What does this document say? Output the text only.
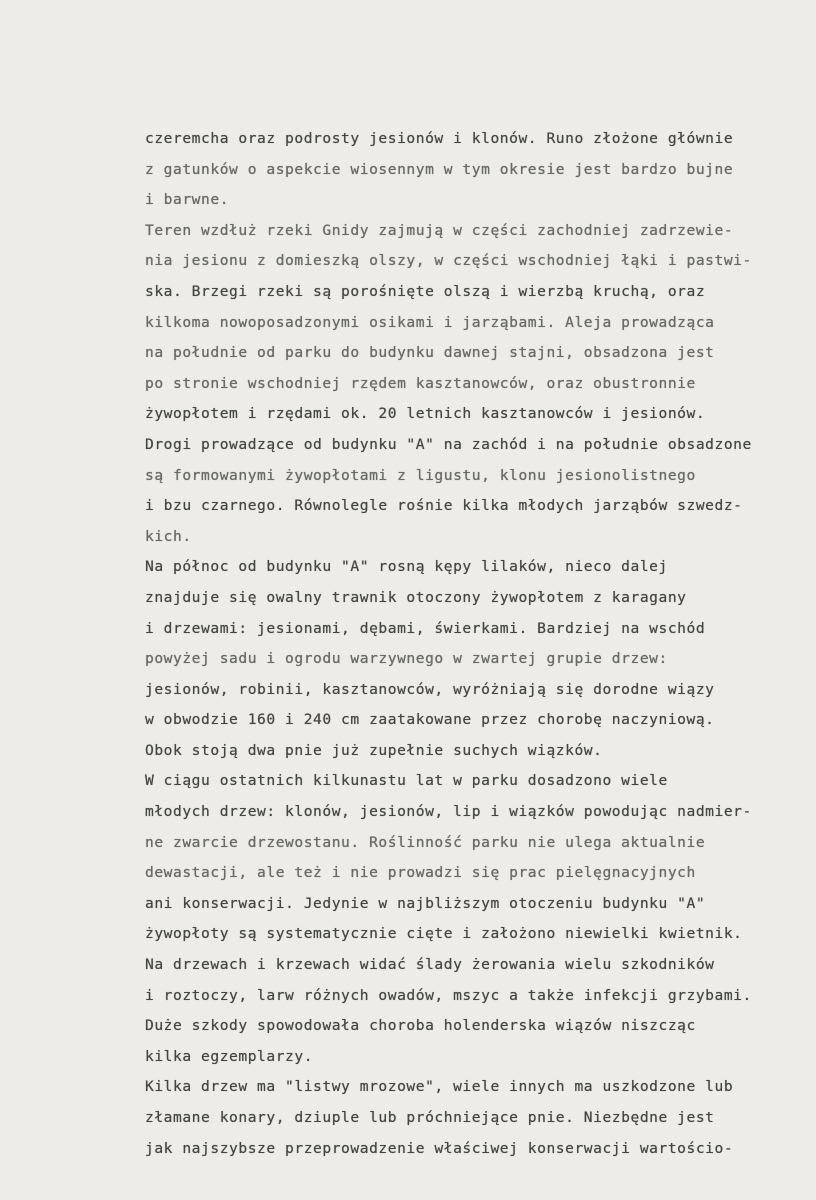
czeremcha oraz podrosty jesionów i klonów. Runo złożone głównie
z gatunków o aspekcie wiosennym w tym okresie jest bardzo bujne
i barwne.
Teren wzdłuż rzeki Gnidy zajmują w części zachodniej zadrzewie-
nia jesionu z domieszką olszy, w części wschodniej łąki i pastwi-
ska. Brzegi rzeki są porośnięte olszą i wierzbą kruchą, oraz
kilkoma nowoposadzonymi osikami i jarząbami. Aleja prowadząca
na południe od parku do budynku dawnej stajni, obsadzona jest
po stronie wschodniej rzędem kasztanowców, oraz obustronnie
żywopłotem i rzędami ok. 20 letnich kasztanowców i jesionów.
Drogi prowadzące od budynku "A" na zachód i na południe obsadzone
są formowanymi żywopłotami z ligustu, klonu jesionolistnego
i bzu czarnego. Równolegle rośnie kilka młodych jarząbów szwedz-
kich.
Na północ od budynku "A" rosną kępy lilaków, nieco dalej
znajduje się owalny trawnik otoczony żywopłotem z karagany
i drzewami: jesionami, dębami, świerkami. Bardziej na wschód
powyżej sadu i ogrodu warzywnego w zwartej grupie drzew:
jesionów, robinii, kasztanowców, wyróżniają się dorodne wiązy
w obwodzie 160 i 240 cm zaatakowane przez chorobę naczyniową.
Obok stoją dwa pnie już zupełnie suchych wiązków.
W ciągu ostatnich kilkunastu lat w parku dosadzono wiele
młodych drzew: klonów, jesionów, lip i wiązków powodując nadmier-
ne zwarcie drzewostanu. Roślinność parku nie ulega aktualnie
dewastacji, ale też i nie prowadzi się prac pielęgnacyjnych
ani konserwacji. Jedynie w najbliższym otoczeniu budynku "A"
żywopłoty są systematycznie cięte i założono niewielki kwietnik.
Na drzewach i krzewach widać ślady żerowania wielu szkodników
i roztoczy, larw różnych owadów, mszyc a także infekcji grzybami.
Duże szkody spowodowała choroba holenderska wiązów niszcząc
kilka egzemplarzy.
Kilka drzew ma "listwy mrozowe", wiele innych ma uszkodzone lub
złamane konary, dziuple lub próchniejące pnie. Niezbędne jest
jak najszybsze przeprowadzenie właściwej konserwacji wartościo-
